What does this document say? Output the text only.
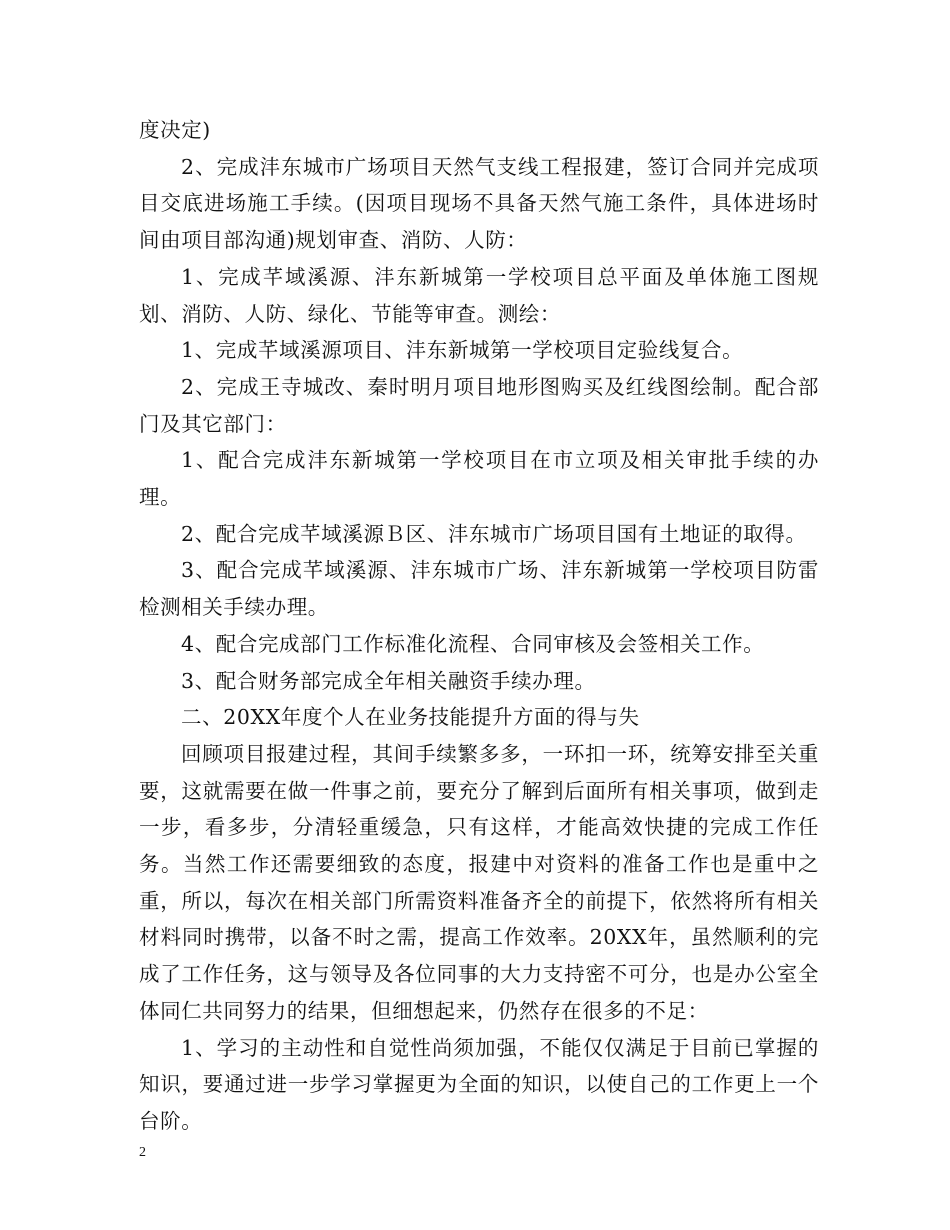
度决定)

2、完成沣东城市广场项目天然气支线工程报建，签订合同并完成项目交底进场施工手续。(因项目现场不具备天然气施工条件，具体进场时间由项目部沟通)规划审查、消防、人防：

1、完成芊域溪源、沣东新城第一学校项目总平面及单体施工图规划、消防、人防、绿化、节能等审查。测绘：

1、完成芊域溪源项目、沣东新城第一学校项目定验线复合。

2、完成王寺城改、秦时明月项目地形图购买及红线图绘制。配合部门及其它部门：

1、配合完成沣东新城第一学校项目在市立项及相关审批手续的办理。

2、配合完成芊域溪源Ｂ区、沣东城市广场项目国有土地证的取得。

3、配合完成芊域溪源、沣东城市广场、沣东新城第一学校项目防雷检测相关手续办理。

4、配合完成部门工作标准化流程、合同审核及会签相关工作。

3、配合财务部完成全年相关融资手续办理。

二、20XX年度个人在业务技能提升方面的得与失

回顾项目报建过程，其间手续繁多多，一环扣一环，统筹安排至关重要，这就需要在做一件事之前，要充分了解到后面所有相关事项，做到走一步，看多步，分清轻重缓急，只有这样，才能高效快捷的完成工作任务。当然工作还需要细致的态度，报建中对资料的准备工作也是重中之重，所以，每次在相关部门所需资料准备齐全的前提下，依然将所有相关材料同时携带，以备不时之需，提高工作效率。20XX年，虽然顺利的完成了工作任务，这与领导及各位同事的大力支持密不可分，也是办公室全体同仁共同努力的结果，但细想起来，仍然存在很多的不足：

1、学习的主动性和自觉性尚须加强，不能仅仅满足于目前已掌握的知识，要通过进一步学习掌握更为全面的知识，以使自己的工作更上一个台阶。

2
